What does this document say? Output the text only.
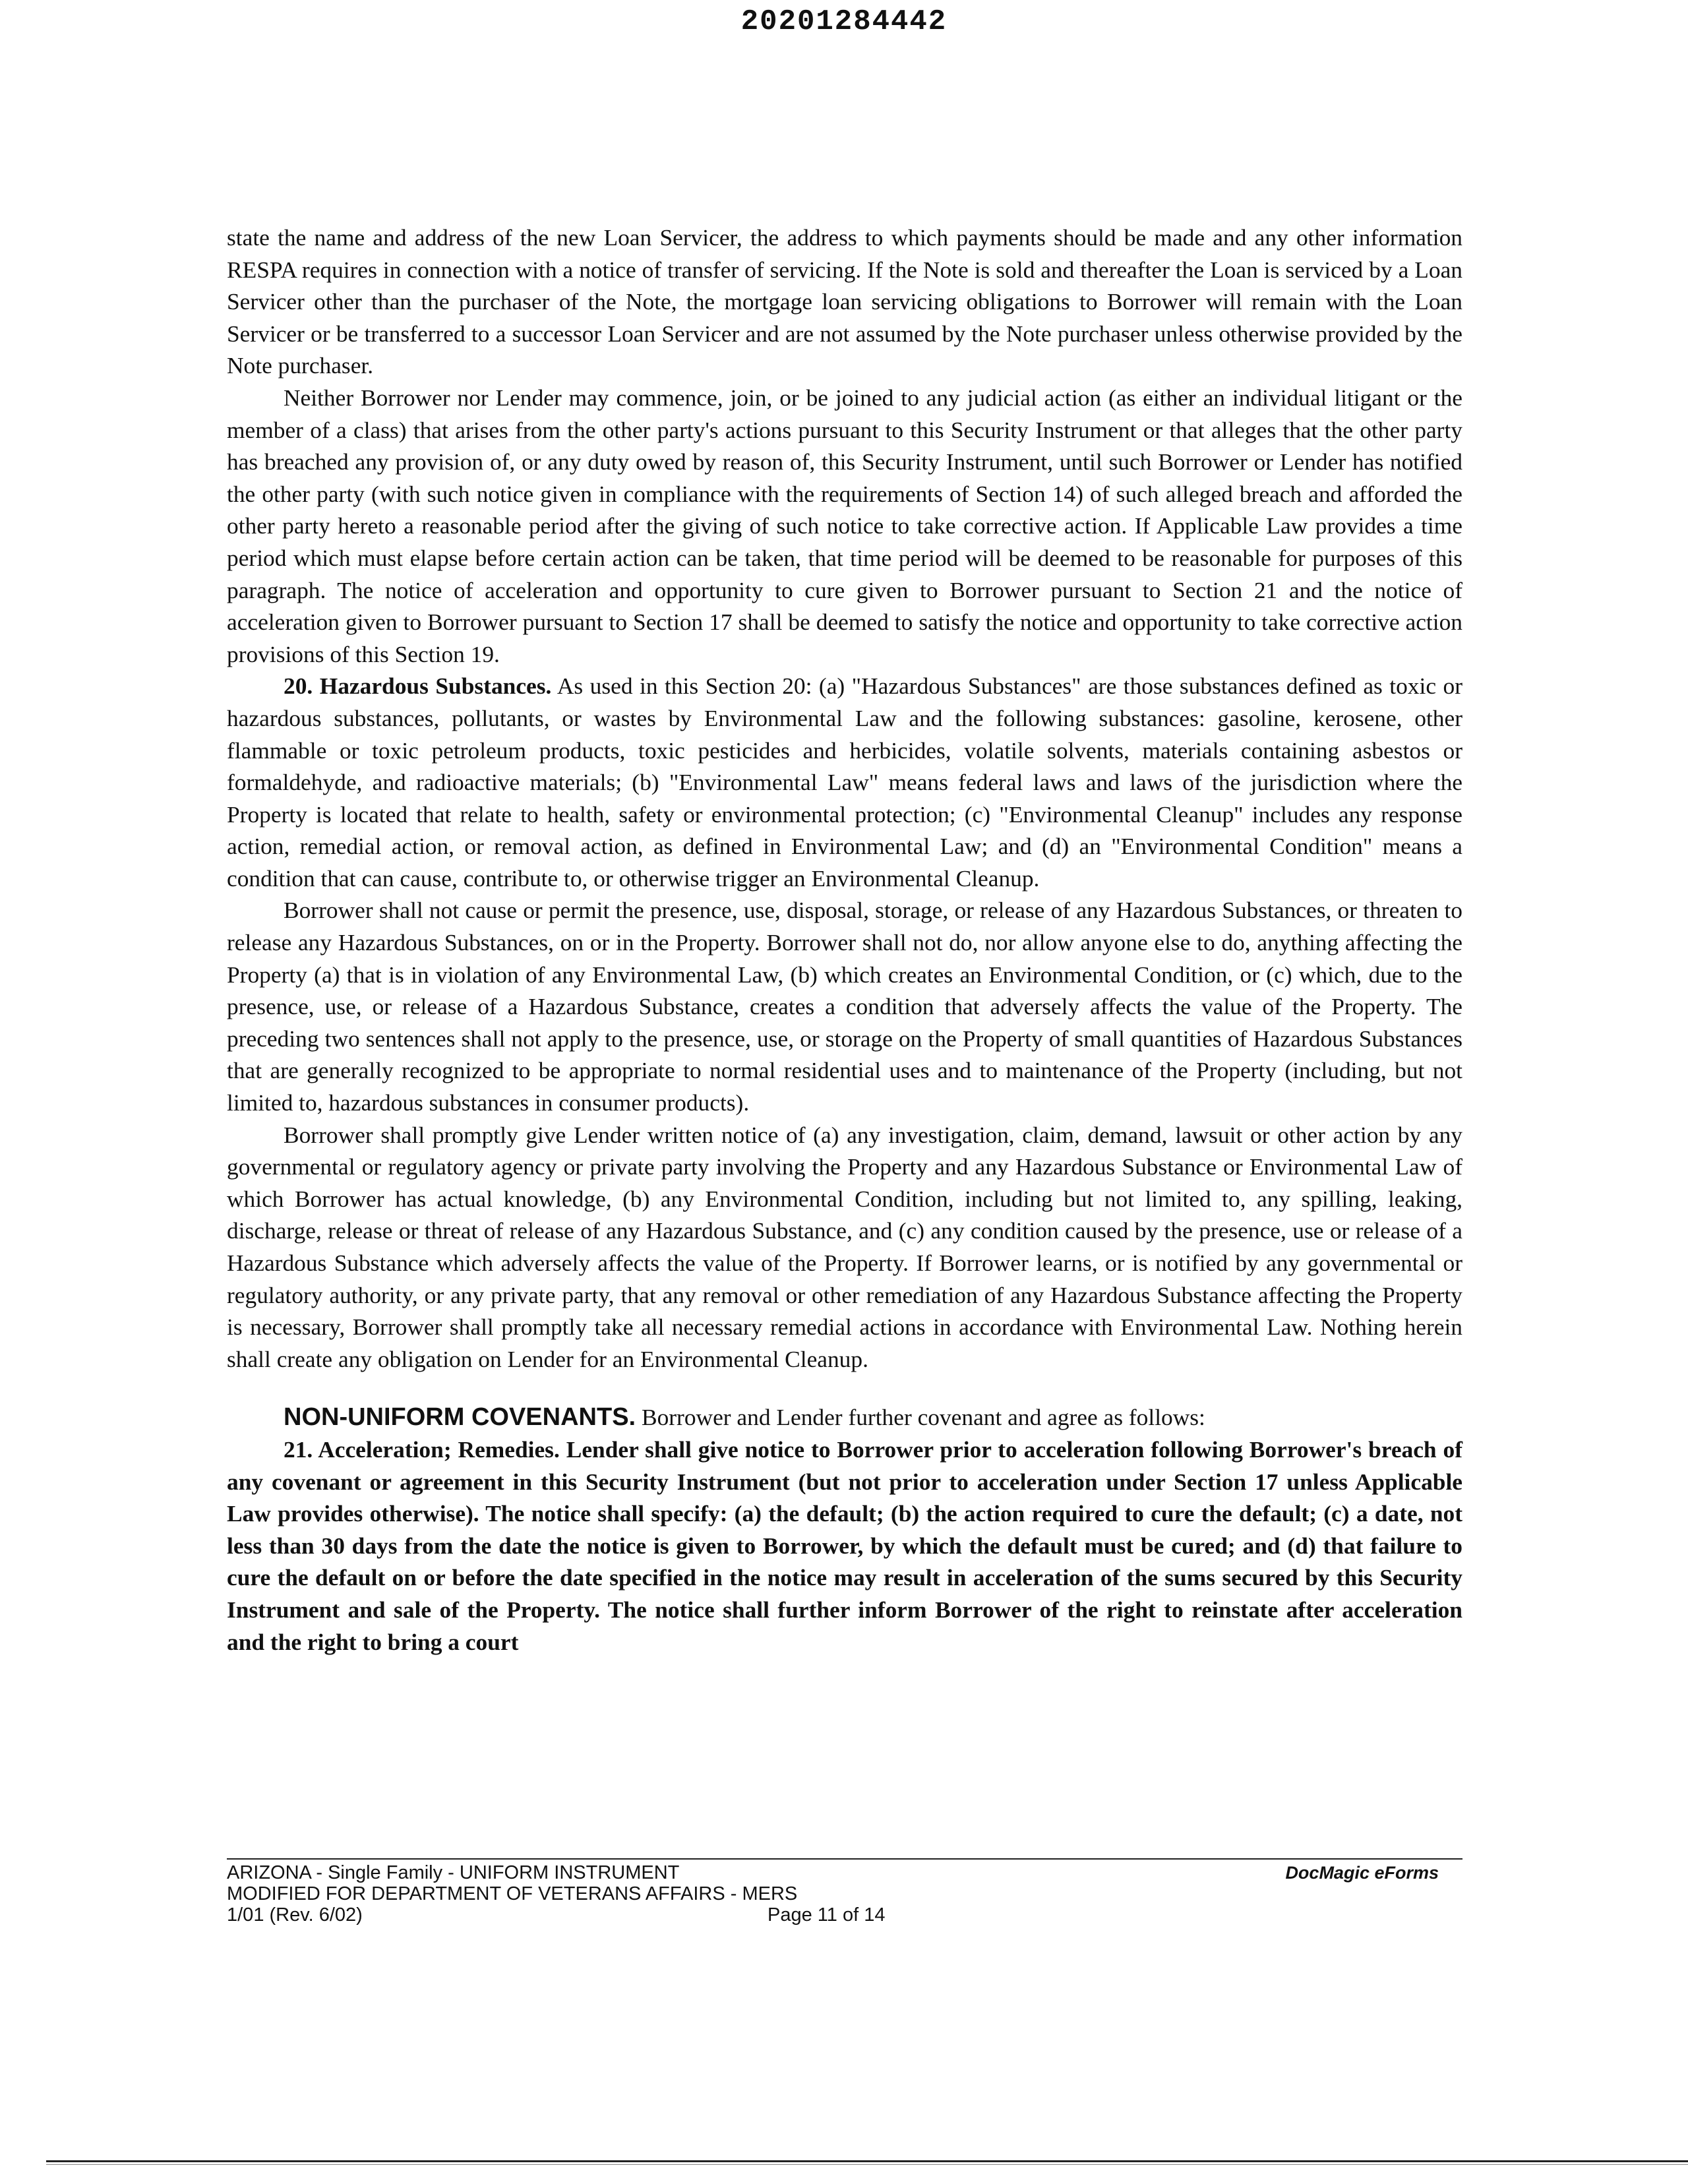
20201284442

state the name and address of the new Loan Servicer, the address to which payments should be made and any other information RESPA requires in connection with a notice of transfer of servicing. If the Note is sold and thereafter the Loan is serviced by a Loan Servicer other than the purchaser of the Note, the mortgage loan servicing obligations to Borrower will remain with the Loan Servicer or be transferred to a successor Loan Servicer and are not assumed by the Note purchaser unless otherwise provided by the Note purchaser.

Neither Borrower nor Lender may commence, join, or be joined to any judicial action (as either an individual litigant or the member of a class) that arises from the other party's actions pursuant to this Security Instrument or that alleges that the other party has breached any provision of, or any duty owed by reason of, this Security Instrument, until such Borrower or Lender has notified the other party (with such notice given in compliance with the requirements of Section 14) of such alleged breach and afforded the other party hereto a reasonable period after the giving of such notice to take corrective action. If Applicable Law provides a time period which must elapse before certain action can be taken, that time period will be deemed to be reasonable for purposes of this paragraph. The notice of acceleration and opportunity to cure given to Borrower pursuant to Section 21 and the notice of acceleration given to Borrower pursuant to Section 17 shall be deemed to satisfy the notice and opportunity to take corrective action provisions of this Section 19.

20. Hazardous Substances. As used in this Section 20: (a) "Hazardous Substances" are those substances defined as toxic or hazardous substances, pollutants, or wastes by Environmental Law and the following substances: gasoline, kerosene, other flammable or toxic petroleum products, toxic pesticides and herbicides, volatile solvents, materials containing asbestos or formaldehyde, and radioactive materials; (b) "Environmental Law" means federal laws and laws of the jurisdiction where the Property is located that relate to health, safety or environmental protection; (c) "Environmental Cleanup" includes any response action, remedial action, or removal action, as defined in Environmental Law; and (d) an "Environmental Condition" means a condition that can cause, contribute to, or otherwise trigger an Environmental Cleanup.

Borrower shall not cause or permit the presence, use, disposal, storage, or release of any Hazardous Substances, or threaten to release any Hazardous Substances, on or in the Property. Borrower shall not do, nor allow anyone else to do, anything affecting the Property (a) that is in violation of any Environmental Law, (b) which creates an Environmental Condition, or (c) which, due to the presence, use, or release of a Hazardous Substance, creates a condition that adversely affects the value of the Property. The preceding two sentences shall not apply to the presence, use, or storage on the Property of small quantities of Hazardous Substances that are generally recognized to be appropriate to normal residential uses and to maintenance of the Property (including, but not limited to, hazardous substances in consumer products).

Borrower shall promptly give Lender written notice of (a) any investigation, claim, demand, lawsuit or other action by any governmental or regulatory agency or private party involving the Property and any Hazardous Substance or Environmental Law of which Borrower has actual knowledge, (b) any Environmental Condition, including but not limited to, any spilling, leaking, discharge, release or threat of release of any Hazardous Substance, and (c) any condition caused by the presence, use or release of a Hazardous Substance which adversely affects the value of the Property. If Borrower learns, or is notified by any governmental or regulatory authority, or any private party, that any removal or other remediation of any Hazardous Substance affecting the Property is necessary, Borrower shall promptly take all necessary remedial actions in accordance with Environmental Law. Nothing herein shall create any obligation on Lender for an Environmental Cleanup.

NON-UNIFORM COVENANTS. Borrower and Lender further covenant and agree as follows:

21. Acceleration; Remedies. Lender shall give notice to Borrower prior to acceleration following Borrower's breach of any covenant or agreement in this Security Instrument (but not prior to acceleration under Section 17 unless Applicable Law provides otherwise). The notice shall specify: (a) the default; (b) the action required to cure the default; (c) a date, not less than 30 days from the date the notice is given to Borrower, by which the default must be cured; and (d) that failure to cure the default on or before the date specified in the notice may result in acceleration of the sums secured by this Security Instrument and sale of the Property. The notice shall further inform Borrower of the right to reinstate after acceleration and the right to bring a court

ARIZONA - Single Family - UNIFORM INSTRUMENT	DocMagic eForms
MODIFIED FOR DEPARTMENT OF VETERANS AFFAIRS - MERS
1/01 (Rev. 6/02)	Page 11 of 14
